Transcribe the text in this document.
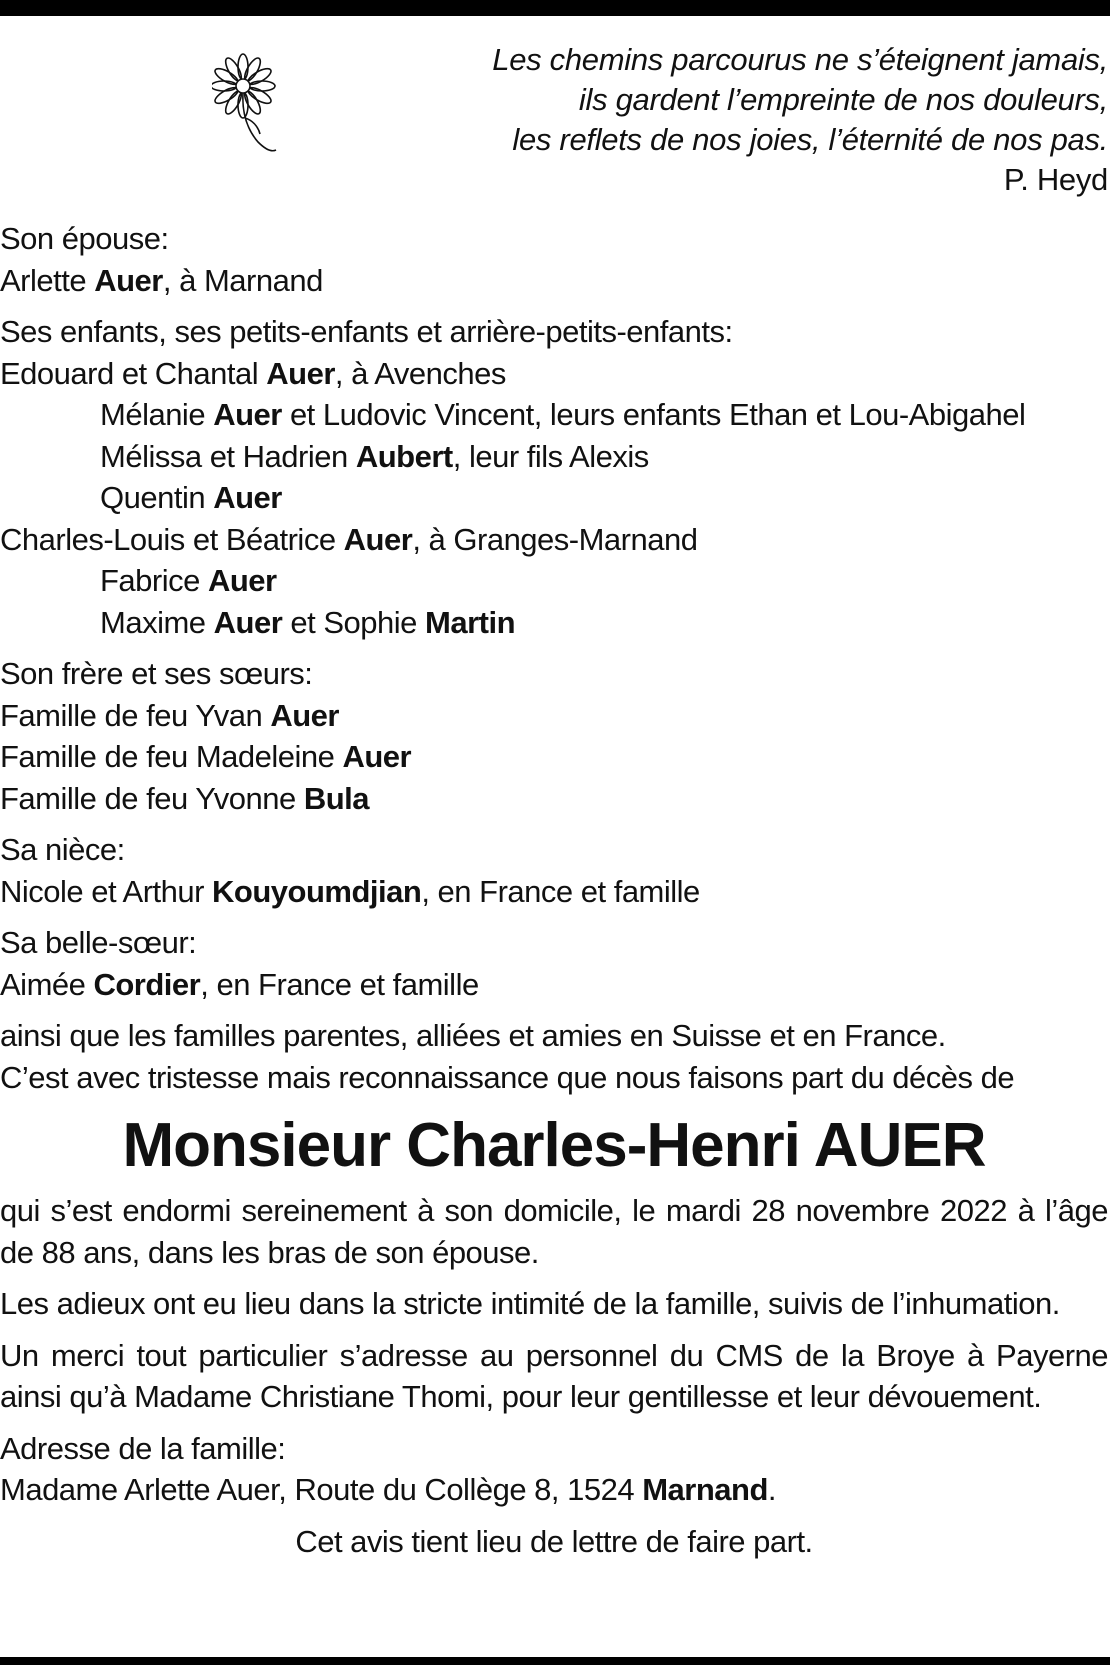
Les chemins parcourus ne s’éteignent jamais,
ils gardent l’empreinte de nos douleurs,
les reflets de nos joies, l’éternité de nos pas.
P. Heyd
Son épouse:
Arlette Auer, à Marnand
Ses enfants, ses petits-enfants et arrière-petits-enfants:
Edouard et Chantal Auer, à Avenches
Mélanie Auer et Ludovic Vincent, leurs enfants Ethan et Lou-Abigahel
Mélissa et Hadrien Aubert, leur fils Alexis
Quentin Auer
Charles-Louis et Béatrice Auer, à Granges-Marnand
Fabrice Auer
Maxime Auer et Sophie Martin
Son frère et ses sœurs:
Famille de feu Yvan Auer
Famille de feu Madeleine Auer
Famille de feu Yvonne Bula
Sa nièce:
Nicole et Arthur Kouyoumdjian, en France et famille
Sa belle-sœur:
Aimée Cordier, en France et famille
ainsi que les familles parentes, alliées et amies en Suisse et en France.
C’est avec tristesse mais reconnaissance que nous faisons part du décès de
Monsieur Charles-Henri AUER
qui s’est endormi sereinement à son domicile, le mardi 28 novembre 2022 à l’âge de 88 ans, dans les bras de son épouse.
Les adieux ont eu lieu dans la stricte intimité de la famille, suivis de l’inhumation.
Un merci tout particulier s’adresse au personnel du CMS de la Broye à Payerne ainsi qu’à Madame Christiane Thomi, pour leur gentillesse et leur dévouement.
Adresse de la famille:
Madame Arlette Auer, Route du Collège 8, 1524 Marnand.
Cet avis tient lieu de lettre de faire part.
